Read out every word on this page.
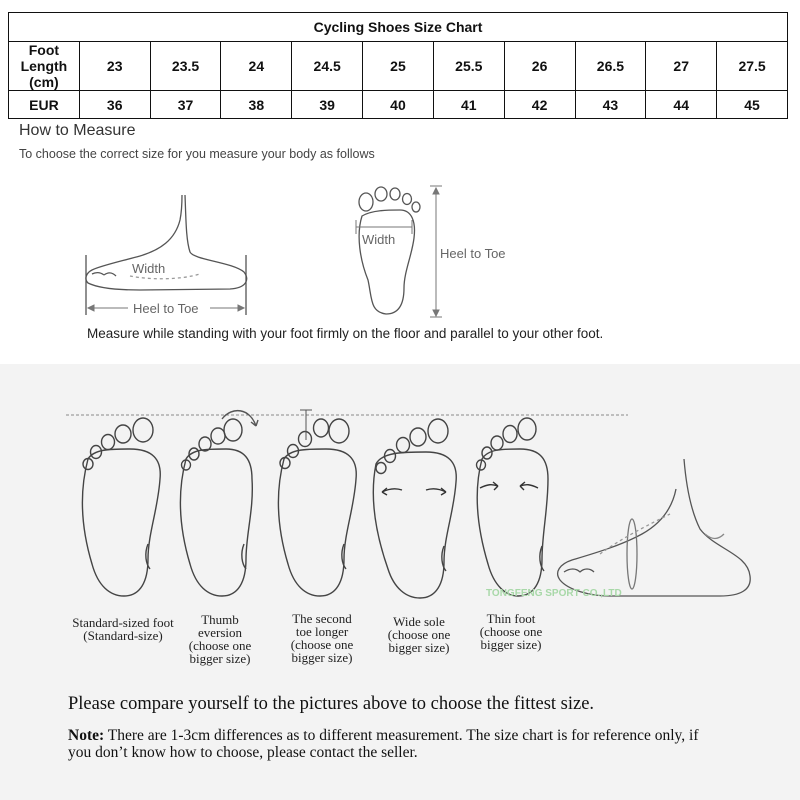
Cycling Shoes Size Chart										
Foot Length (cm)	23	23.5	24	24.5	25	25.5	26	26.5	27	27.5
EUR	36	37	38	39	40	41	42	43	44	45
How to Measure
To choose the correct size for you measure your body as follows
Width
Heel to Toe
Width
Heel to Toe
Measure while standing with your foot firmly on the floor and parallel to your other foot.
TONGFENG SPORT CO.,LTD
Standard-sized foot
(Standard-size)
Thumb
eversion
(choose one
bigger size)
The second
toe longer
(choose one
bigger size)
Wide sole
(choose one
bigger size)
Thin foot
(choose one
bigger size)
Please compare yourself to the pictures above to choose the fittest size.
Note: There are 1-3cm differences as to different measurement. The size chart is for reference only, if you don’t know how to choose, please contact the seller.
